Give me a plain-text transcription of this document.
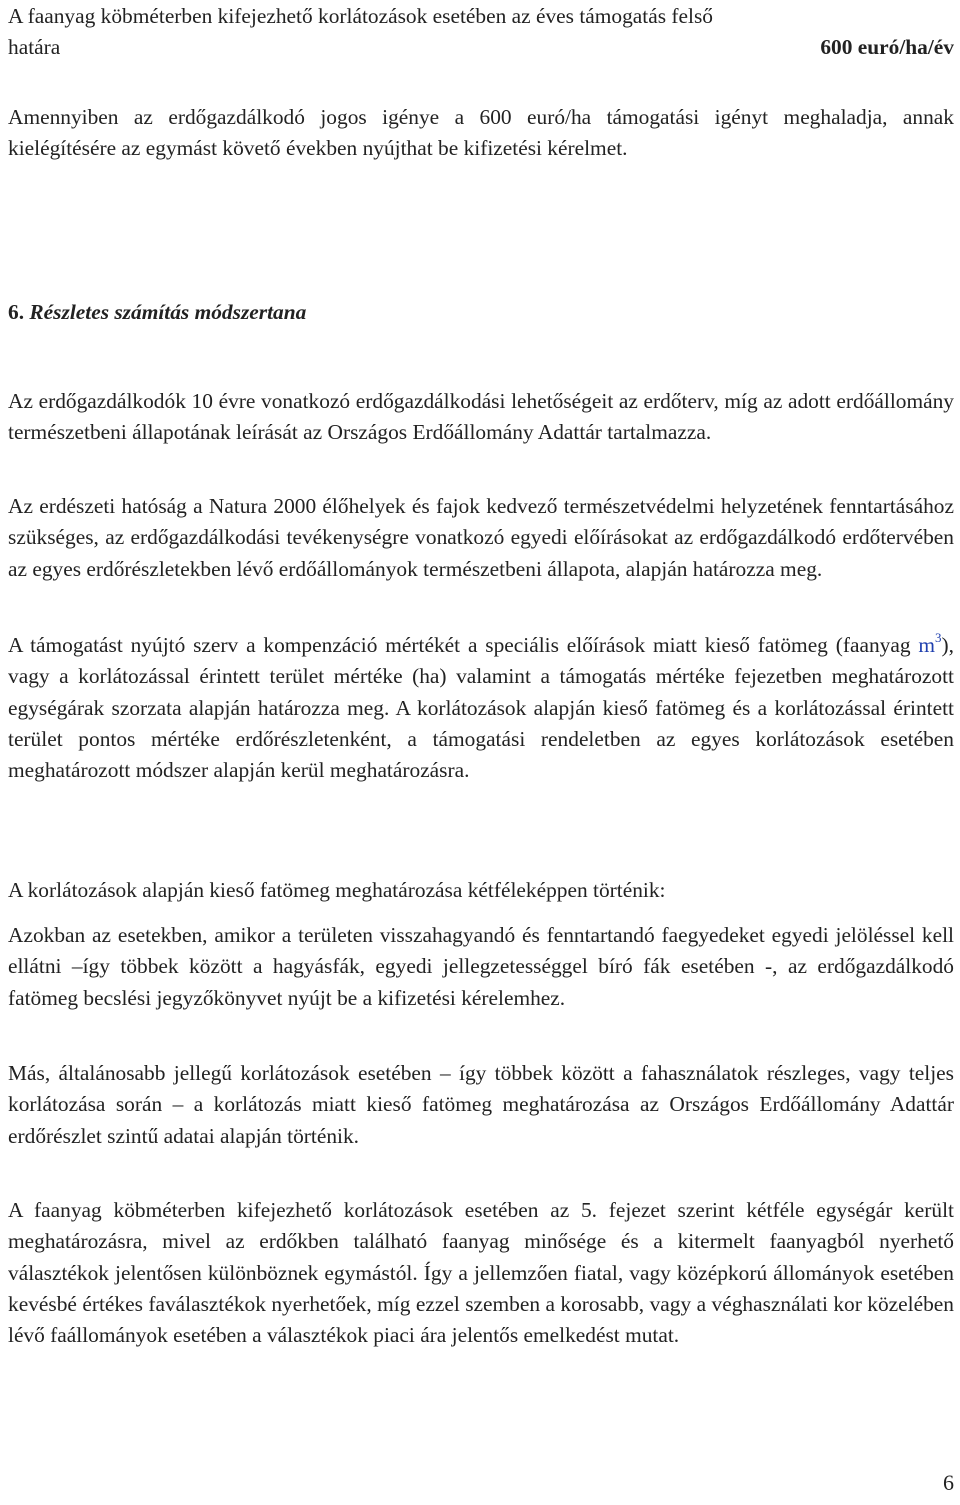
A faanyag köbméterben kifejezhető korlátozások esetében az éves támogatás felső

határa	600 euró/ha/év

Amennyiben az erdőgazdálkodó jogos igénye a 600 euró/ha támogatási igényt meghaladja, annak kielégítésére az egymást követő években nyújthat be kifizetési kérelmet.

6. Részletes számítás módszertana

Az erdőgazdálkodók 10 évre vonatkozó erdőgazdálkodási lehetőségeit az erdőterv, míg az adott erdőállomány természetbeni állapotának leírását az Országos Erdőállomány Adattár tartalmazza.

Az erdészeti hatóság a Natura 2000 élőhelyek és fajok kedvező természetvédelmi helyzetének fenntartásához szükséges, az erdőgazdálkodási tevékenységre vonatkozó egyedi előírásokat az erdőgazdálkodó erdőtervében az egyes erdőrészletekben lévő erdőállományok természetbeni állapota, alapján határozza meg.

A támogatást nyújtó szerv a kompenzáció mértékét a speciális előírások miatt kieső fatömeg (faanyag $m^3$), vagy a korlátozással érintett terület mértéke (ha) valamint a támogatás mértéke fejezetben meghatározott egységárak szorzata alapján határozza meg. A korlátozások alapján kieső fatömeg és a korlátozással érintett terület pontos mértéke erdőrészletenként, a támogatási rendeletben az egyes korlátozások esetében meghatározott módszer alapján kerül meghatározásra.

A korlátozások alapján kieső fatömeg meghatározása kétféleképpen történik:

Azokban az esetekben, amikor a területen visszahagyandó és fenntartandó faegyedeket egyedi jelöléssel kell ellátni –így többek között a hagyásfák, egyedi jellegzetességgel bíró fák esetében -, az erdőgazdálkodó fatömeg becslési jegyzőkönyvet nyújt be a kifizetési kérelemhez.

Más, általánosabb jellegű korlátozások esetében – így többek között a fahasználatok részleges, vagy teljes korlátozása során – a korlátozás miatt kieső fatömeg meghatározása az Országos Erdőállomány Adattár erdőrészlet szintű adatai alapján történik.

A faanyag köbméterben kifejezhető korlátozások esetében az 5. fejezet szerint kétféle egységár került meghatározásra, mivel az erdőkben található faanyag minősége és a kitermelt faanyagból nyerhető választékok jelentősen különböznek egymástól. Így a jellemzően fiatal, vagy középkorú állományok esetében kevésbé értékes faválasztékok nyerhetőek, míg ezzel szemben a korosabb, vagy a véghasználati kor közelében lévő faállományok esetében a választékok piaci ára jelentős emelkedést mutat.

6
